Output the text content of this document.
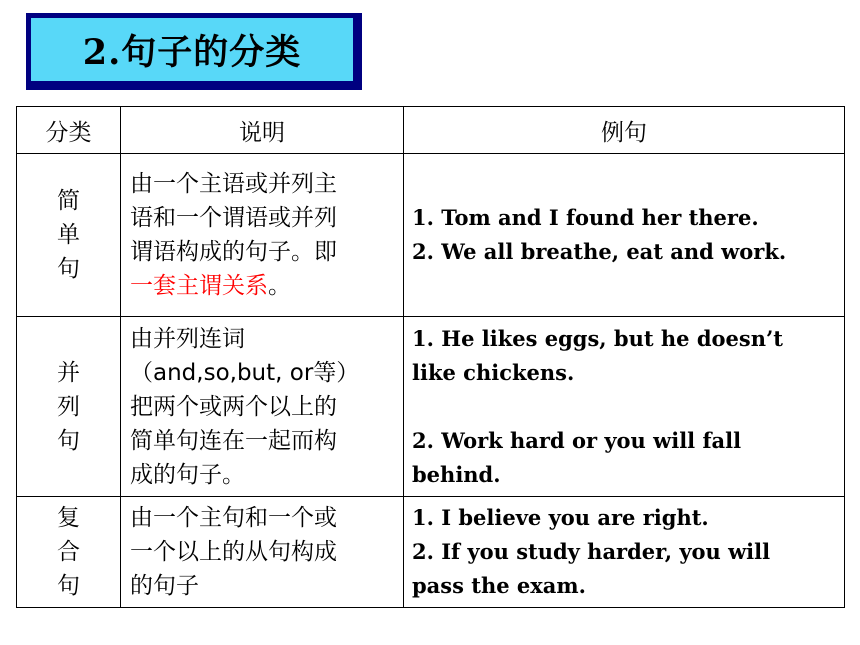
2.句子的分类
分类	说明	例句

简
单
句	由一个主语或并列主
语和一个谓语或并列
谓语构成的句子。即
一套主谓关系。	1. Tom and I found her there.
2. We all breathe, eat and work.

并
列
句	由并列连词
（and,so,but, or等）
把两个或两个以上的
简单句连在一起而构
成的句子。	1. He likes eggs, but he doesn’t
like chickens.
2. Work hard or you will fall
behind.

复
合
句	由一个主句和一个或
一个以上的从句构成
的句子	1. I believe you are right.
2. If you study harder, you will
pass the exam.
